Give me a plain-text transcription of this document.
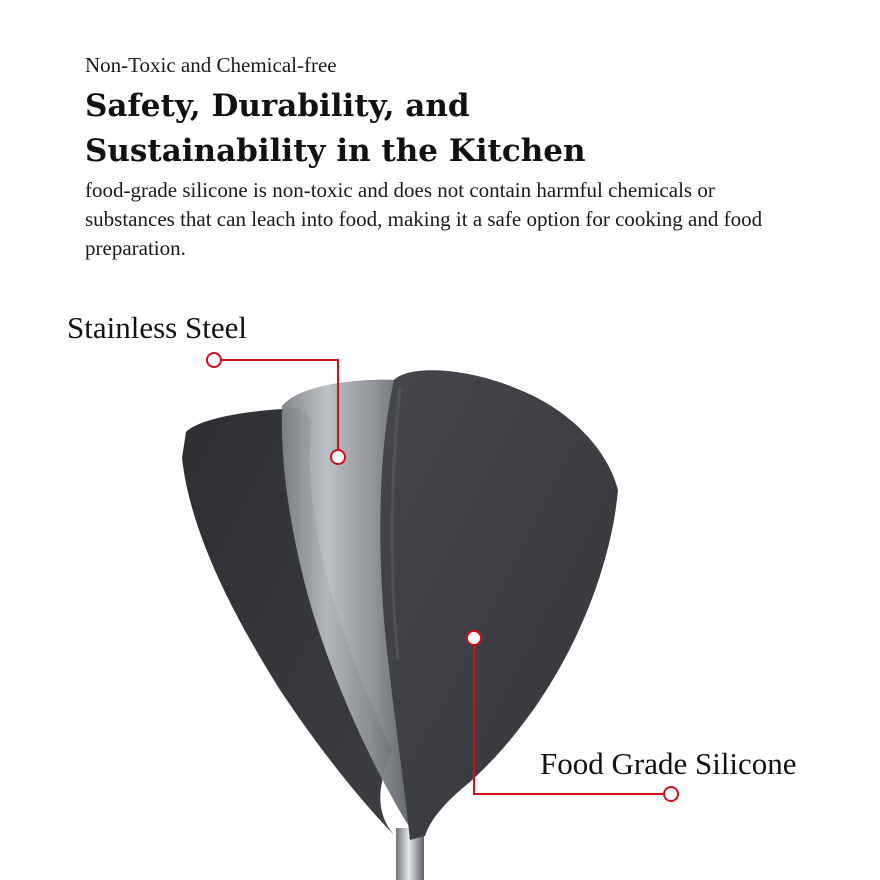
Non-Toxic and Chemical-free

Safety, Durability, and
Sustainability in the Kitchen

food-grade silicone is non-toxic and does not contain harmful chemicals or substances that can leach into food, making it a safe option for cooking and food preparation.

Stainless Steel
Food Grade Silicone
